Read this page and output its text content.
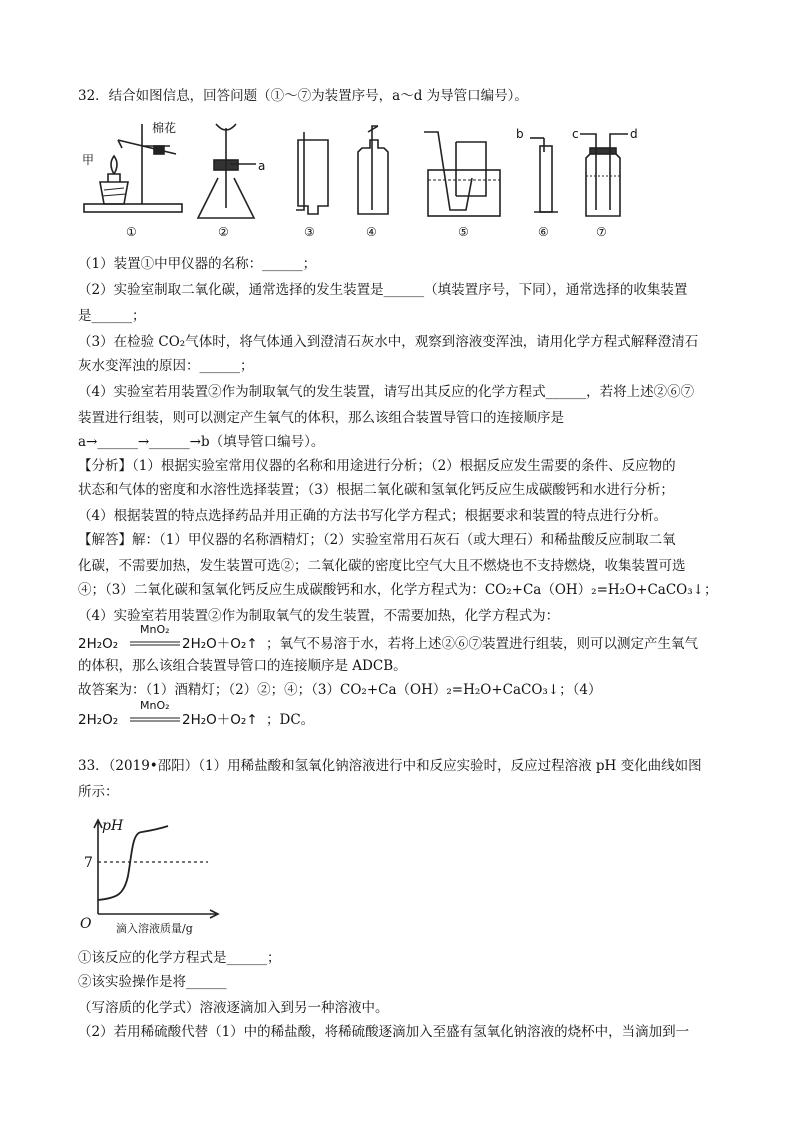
32．结合如图信息，回答问题（①～⑦为装置序号，a～d 为导管口编号）。
甲
棉花
a
b	c	d
①	②	③	④	⑤	⑥	⑦
（1）装置①中甲仪器的名称：______；
（2）实验室制取二氧化碳，通常选择的发生装置是______（填装置序号，下同），通常选择的收集装置
是______；
（3）在检验 CO₂气体时，将气体通入到澄清石灰水中，观察到溶液变浑浊，请用化学方程式解释澄清石
灰水变浑浊的原因：______；
（4）实验室若用装置②作为制取氧气的发生装置，请写出其反应的化学方程式______，若将上述②⑥⑦
装置进行组装，则可以测定产生氧气的体积，那么该组合装置导管口的连接顺序是
a→______→______→b（填导管口编号）。
【分析】（1）根据实验室常用仪器的名称和用途进行分析；（2）根据反应发生需要的条件、反应物的
状态和气体的密度和水溶性选择装置；（3）根据二氧化碳和氢氧化钙反应生成碳酸钙和水进行分析；
（4）根据装置的特点选择药品并用正确的方法书写化学方程式；根据要求和装置的特点进行分析。
【解答】解：（1）甲仪器的名称酒精灯；（2）实验室常用石灰石（或大理石）和稀盐酸反应制取二氧
化碳，不需要加热，发生装置可选②；二氧化碳的密度比空气大且不燃烧也不支持燃烧，收集装置可选
④；（3）二氧化碳和氢氧化钙反应生成碳酸钙和水，化学方程式为：CO₂+Ca（OH）₂=H₂O+CaCO₃↓；
（4）实验室若用装置②作为制取氧气的发生装置，不需要加热，化学方程式为：
2H₂O₂
MnO₂
2H₂O＋O₂↑ ；氧气不易溶于水，若将上述②⑥⑦装置进行组装，则可以测定产生氧气
的体积，那么该组合装置导管口的连接顺序是 ADCB。
故答案为：（1）酒精灯；（2）②；④；（3）CO₂+Ca（OH）₂=H₂O+CaCO₃↓；（4）
2H₂O₂
MnO₂
2H₂O＋O₂↑ ；DC。
33．（2019•邵阳）（1）用稀盐酸和氢氧化钠溶液进行中和反应实验时，反应过程溶液 pH 变化曲线如图
所示：
pH
O
7
滴入溶液质量/g
①该反应的化学方程式是______；
②该实验操作是将______
（写溶质的化学式）溶液逐滴加入到另一种溶液中。
（2）若用稀硫酸代替（1）中的稀盐酸，将稀硫酸逐滴加入至盛有氢氧化钠溶液的烧杯中，当滴加到一
